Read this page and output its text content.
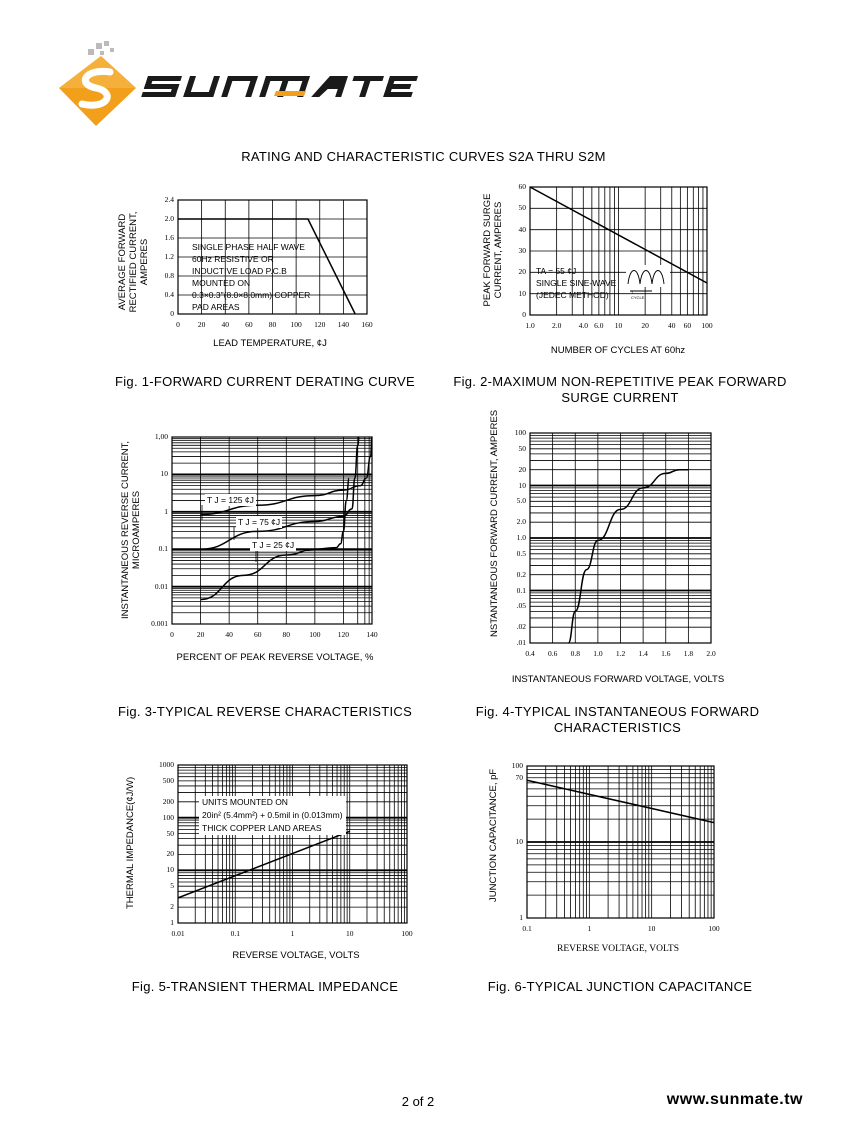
RATING AND CHARACTERISTIC CURVES S2A THRU S2M
AVERAGE FORWARD RECTIFIED CURRENT, AMPERES
0	20	40	60	80	100	120	140	160
0
0.4
0.8
1.2
1.6
2.0
2.4
SINGLE PHASE HALF WAVE
60Hz RESISTIVE OR
INDUCTIVE LOAD P.C.B
MOUNTED ON
0.3×0.3"(8.0×8.0mm) COPPER
PAD AREAS
LEAD TEMPERATURE, ¢J
Fig. 1-FORWARD CURRENT DERATING CURVE
PEAK FORWARD SURGE CURRENT, AMPERES
1.0	2.0	4.0 6.0	10	20	40	60	100
0
10
20
30
40
50
60
TA = 55 ¢J
SINGLE SINE-WAVE
(JEDEC METHOD)	1 CYCLE
NUMBER OF CYCLES AT 60hz
Fig. 2-MAXIMUM NON-REPETITIVE PEAK FORWARD SURGE CURRENT
INSTANTANEOUS REVERSE CURRENT, MICROAMPERES
0	20	40	60	80	100	120	140
0.001
0.01
0.1
1
10
1,00
T J = 125 ¢J
T J = 75 ¢J
T J = 25 ¢J
PERCENT OF PEAK REVERSE VOLTAGE, %
Fig. 3-TYPICAL REVERSE CHARACTERISTICS
NSTANTANEOUS FORWARD CURRENT, AMPERES
0.4	0.6	0.8	1.0	1.2	1.4	1.6	1.8	2.0
.01
.02
.05
0.1
0.2
0.5
1.0
2.0
5.0
10
20
50
100
INSTANTANEOUS FORWARD VOLTAGE, VOLTS
Fig. 4-TYPICAL INSTANTANEOUS FORWARD CHARACTERISTICS
THERMAL IMPEDANCE(¢J/W)
0.01	0.1	1	10	100
1
2
5
10
20
50
100
200
500
1000
UNITS MOUNTED ON
20in² (5.4mm²) + 0.5mil in (0.013mm)
THICK COPPER LAND AREAS
REVERSE VOLTAGE, VOLTS
Fig. 5-TRANSIENT THERMAL IMPEDANCE
JUNCTION CAPACITANCE, pF
0.1	1	10	100
1
10
70
100
REVERSE VOLTAGE, VOLTS
Fig. 6-TYPICAL JUNCTION CAPACITANCE
2 of 2	www.sunmate.tw
